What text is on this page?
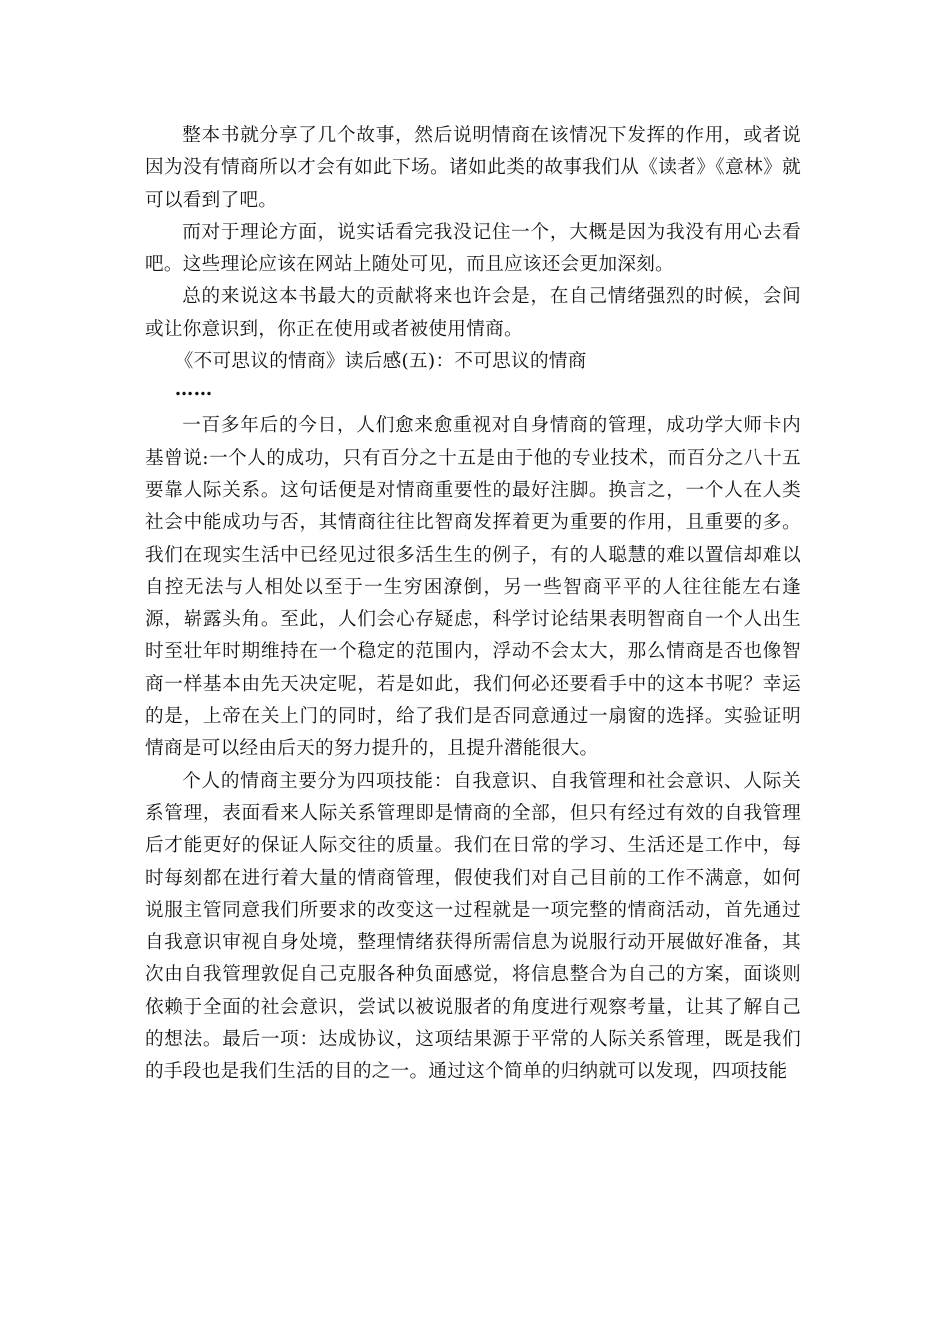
整本书就分享了几个故事，然后说明情商在该情况下发挥的作用，或者说因为没有情商所以才会有如此下场。诸如此类的故事我们从《读者》《意林》就可以看到了吧。

而对于理论方面，说实话看完我没记住一个，大概是因为我没有用心去看吧。这些理论应该在网站上随处可见，而且应该还会更加深刻。

总的来说这本书最大的贡献将来也许会是，在自己情绪强烈的时候，会间或让你意识到，你正在使用或者被使用情商。

《不可思议的情商》读后感(五)：不可思议的情商

……

一百多年后的今日，人们愈来愈重视对自身情商的管理，成功学大师卡内基曾说:一个人的成功，只有百分之十五是由于他的专业技术，而百分之八十五要靠人际关系。这句话便是对情商重要性的最好注脚。换言之，一个人在人类社会中能成功与否，其情商往往比智商发挥着更为重要的作用，且重要的多。我们在现实生活中已经见过很多活生生的例子，有的人聪慧的难以置信却难以自控无法与人相处以至于一生穷困潦倒，另一些智商平平的人往往能左右逢源，崭露头角。至此，人们会心存疑虑，科学讨论结果表明智商自一个人出生时至壮年时期维持在一个稳定的范围内，浮动不会太大，那么情商是否也像智商一样基本由先天决定呢，若是如此，我们何必还要看手中的这本书呢？幸运的是，上帝在关上门的同时，给了我们是否同意通过一扇窗的选择。实验证明情商是可以经由后天的努力提升的，且提升潜能很大。

个人的情商主要分为四项技能：自我意识、自我管理和社会意识、人际关系管理，表面看来人际关系管理即是情商的全部，但只有经过有效的自我管理后才能更好的保证人际交往的质量。我们在日常的学习、生活还是工作中，每时每刻都在进行着大量的情商管理，假使我们对自己目前的工作不满意，如何说服主管同意我们所要求的改变这一过程就是一项完整的情商活动，首先通过自我意识审视自身处境，整理情绪获得所需信息为说服行动开展做好准备，其次由自我管理敦促自己克服各种负面感觉，将信息整合为自己的方案，面谈则依赖于全面的社会意识，尝试以被说服者的角度进行观察考量，让其了解自己的想法。最后一项：达成协议，这项结果源于平常的人际关系管理，既是我们的手段也是我们生活的目的之一。通过这个简单的归纳就可以发现，四项技能
